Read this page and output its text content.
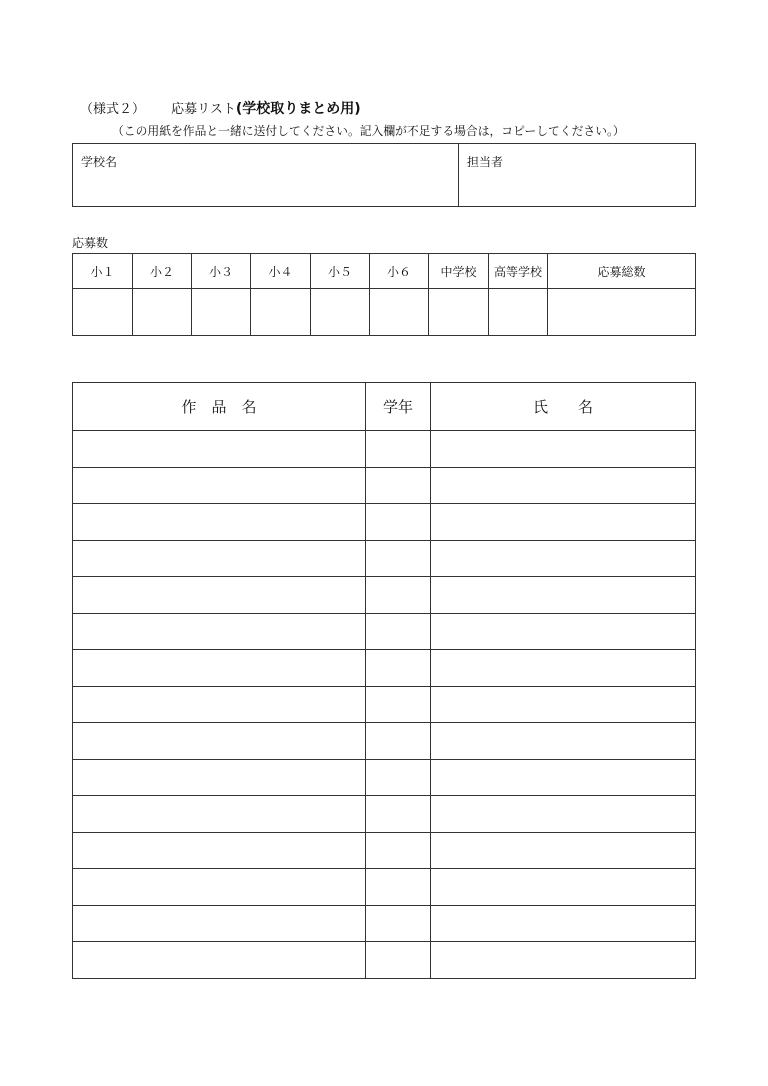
（様式２） 応募リスト(学校取りまとめ用)
（この用紙を作品と一緒に送付してください。記入欄が不足する場合は，コピーしてください。）
学校名	担当者
応募数
小１	小２	小３	小４	小５	小６	中学校	高等学校	応募総数

作　品　名	学年	氏　　名
